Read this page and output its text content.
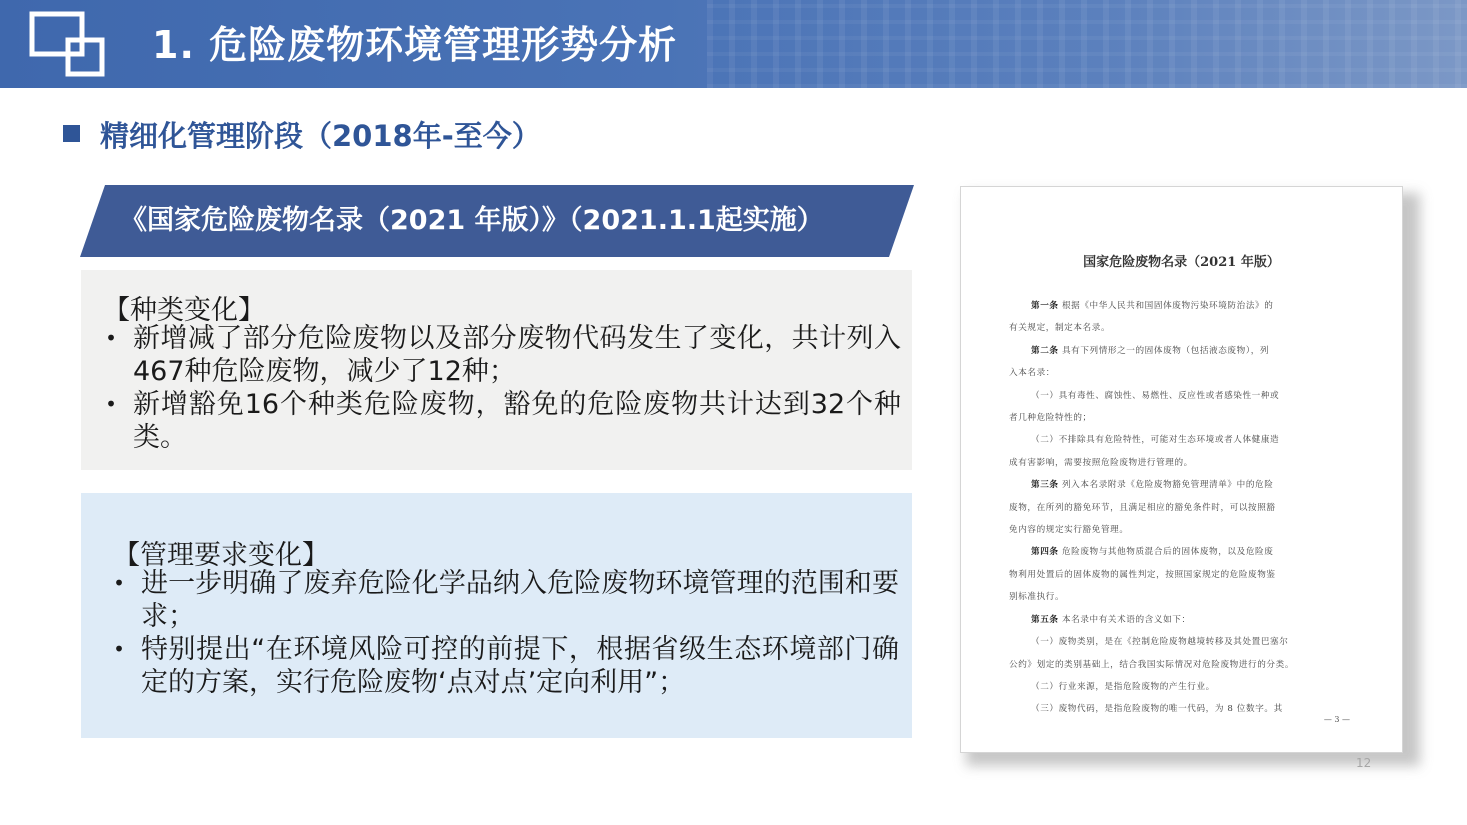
1. 危险废物环境管理形势分析
精细化管理阶段（2018年-至今）
《国家危险废物名录（2021 年版）》（2021.1.1起实施）
【种类变化】
• 新增减了部分危险废物以及部分废物代码发生了变化，共计列入467种危险废物，减少了12种；
• 新增豁免16个种类危险废物，豁免的危险废物共计达到32个种类。
【管理要求变化】
• 进一步明确了废弃危险化学品纳入危险废物环境管理的范围和要求；
• 特别提出“在环境风险可控的前提下，根据省级生态环境部门确定的方案，实行危险废物‘点对点’定向利用”；
国家危险废物名录（2021 年版）
第一条 根据《中华人民共和国固体废物污染环境防治法》的
有关规定，制定本名录。
第二条 具有下列情形之一的固体废物（包括液态废物），列
入本名录：
（一）具有毒性、腐蚀性、易燃性、反应性或者感染性一种或
者几种危险特性的；
（二）不排除具有危险特性，可能对生态环境或者人体健康造
成有害影响，需要按照危险废物进行管理的。
第三条 列入本名录附录《危险废物豁免管理清单》中的危险
废物，在所列的豁免环节，且满足相应的豁免条件时，可以按照豁
免内容的规定实行豁免管理。
第四条 危险废物与其他物质混合后的固体废物，以及危险废
物利用处置后的固体废物的属性判定，按照国家规定的危险废物鉴
别标准执行。
第五条 本名录中有关术语的含义如下：
（一）废物类别，是在《控制危险废物越境转移及其处置巴塞尔
公约》划定的类别基础上，结合我国实际情况对危险废物进行的分类。
（二）行业来源，是指危险废物的产生行业。
（三）废物代码，是指危险废物的唯一代码，为 8 位数字。其
— 3 —
12
